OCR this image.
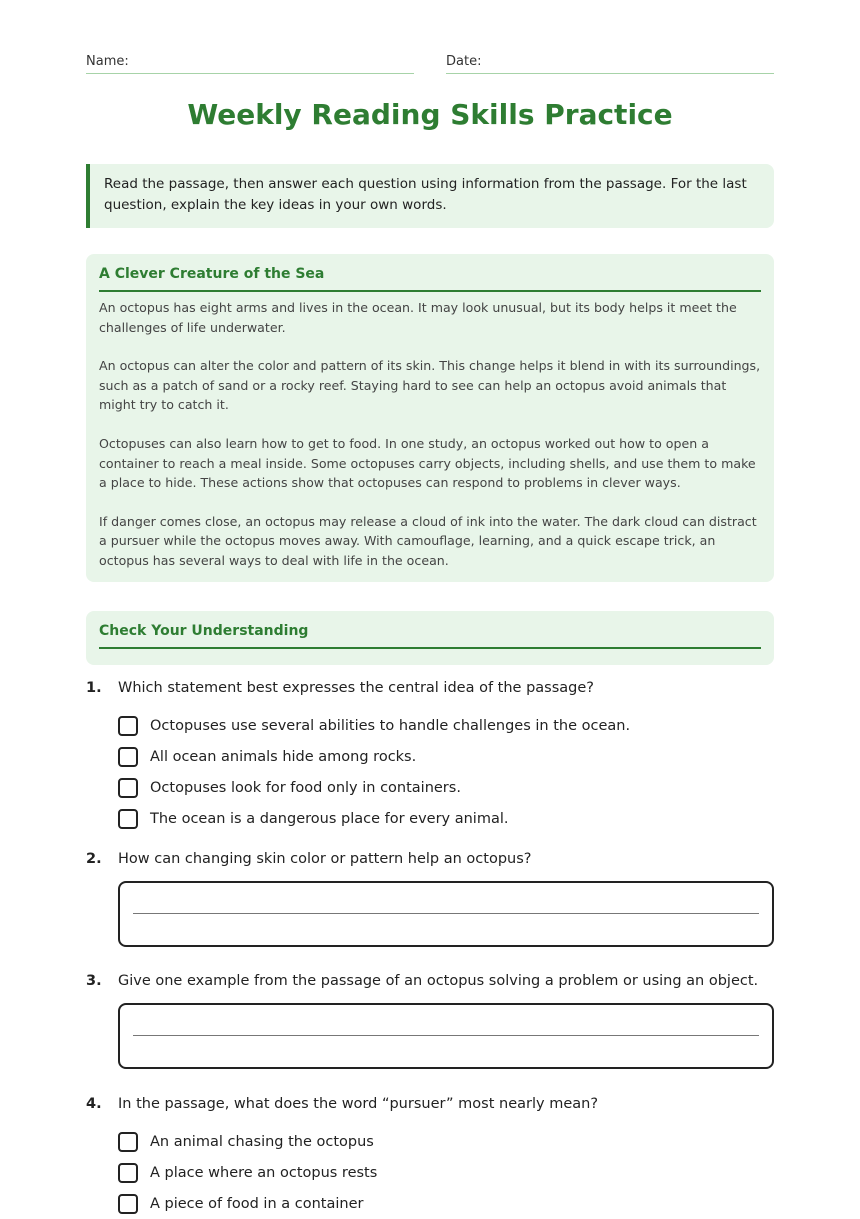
Name:	Date:
Weekly Reading Skills Practice
Read the passage, then answer each question using information from the passage. For the last question, explain the key ideas in your own words.
A Clever Creature of the Sea

An octopus has eight arms and lives in the ocean. It may look unusual, but its body helps it meet the challenges of life underwater.

An octopus can alter the color and pattern of its skin. This change helps it blend in with its surroundings, such as a patch of sand or a rocky reef. Staying hard to see can help an octopus avoid animals that might try to catch it.

Octopuses can also learn how to get to food. In one study, an octopus worked out how to open a container to reach a meal inside. Some octopuses carry objects, including shells, and use them to make a place to hide. These actions show that octopuses can respond to problems in clever ways.

If danger comes close, an octopus may release a cloud of ink into the water. The dark cloud can distract a pursuer while the octopus moves away. With camouflage, learning, and a quick escape trick, an octopus has several ways to deal with life in the ocean.

Check Your Understanding
1.	Which statement best expresses the central idea of the passage?
Octopuses use several abilities to handle challenges in the ocean.
All ocean animals hide among rocks.
Octopuses look for food only in containers.
The ocean is a dangerous place for every animal.
2.	How can changing skin color or pattern help an octopus?
3.	Give one example from the passage of an octopus solving a problem or using an object.
4.	In the passage, what does the word “pursuer” most nearly mean?
An animal chasing the octopus
A place where an octopus rests
A piece of food in a container
